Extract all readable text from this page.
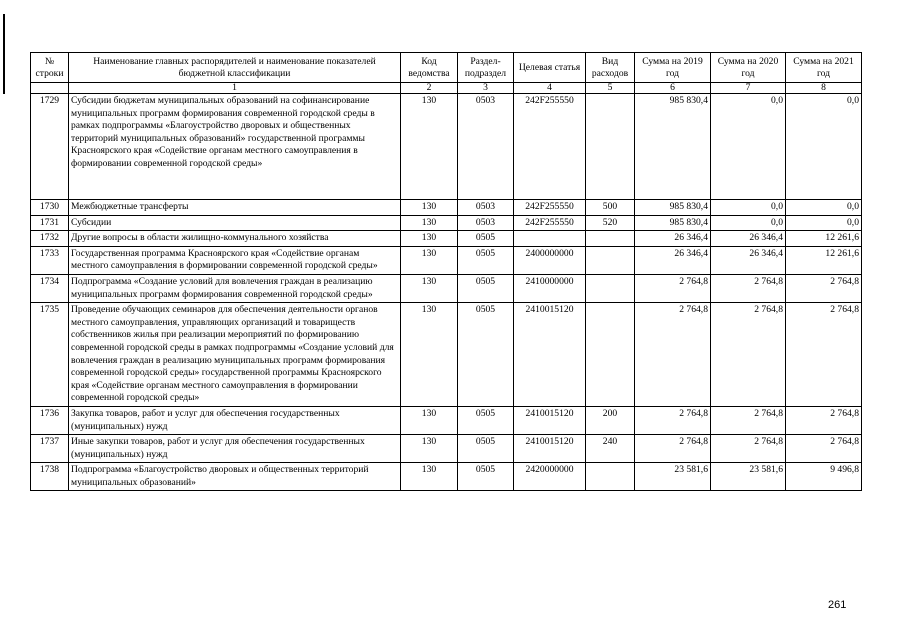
№ строки	Наименование главных распорядителей и наименование показателей бюджетной классификации	Код ведомства	Раздел-подраздел	Целевая статья	Вид расходов	Сумма на 2019 год	Сумма на 2020 год	Сумма на 2021 год
	1	2	3	4	5	6	7	8
1729	Субсидии бюджетам муниципальных образований на софинансирование муниципальных программ формирования современной городской среды в рамках подпрограммы «Благоустройство дворовых и общественных территорий муниципальных образований» государственной программы Красноярского края «Содействие органам местного самоуправления в формировании современной городской среды»	130	0503	242F255550		985 830,4	0,0	0,0
1730	Межбюджетные трансферты	130	0503	242F255550	500	985 830,4	0,0	0,0
1731	Субсидии	130	0503	242F255550	520	985 830,4	0,0	0,0
1732	Другие вопросы в области жилищно-коммунального хозяйства	130	0505			26 346,4	26 346,4	12 261,6
1733	Государственная программа Красноярского края «Содействие органам местного самоуправления в формировании современной городской среды»	130	0505	2400000000		26 346,4	26 346,4	12 261,6
1734	Подпрограмма «Создание условий для вовлечения граждан в реализацию муниципальных программ формирования современной городской среды»	130	0505	2410000000		2 764,8	2 764,8	2 764,8
1735	Проведение обучающих семинаров для обеспечения деятельности органов местного самоуправления, управляющих организаций и товариществ собственников жилья при реализации мероприятий по формированию современной городской среды в рамках подпрограммы «Создание условий для вовлечения граждан в реализацию муниципальных программ формирования современной городской среды» государственной программы Красноярского края «Содействие органам местного самоуправления в формировании современной городской среды»	130	0505	2410015120		2 764,8	2 764,8	2 764,8
1736	Закупка товаров, работ и услуг для обеспечения государственных (муниципальных) нужд	130	0505	2410015120	200	2 764,8	2 764,8	2 764,8
1737	Иные закупки товаров, работ и услуг для обеспечения государственных (муниципальных) нужд	130	0505	2410015120	240	2 764,8	2 764,8	2 764,8
1738	Подпрограмма «Благоустройство дворовых и общественных территорий муниципальных образований»	130	0505	2420000000		23 581,6	23 581,6	9 496,8
261
